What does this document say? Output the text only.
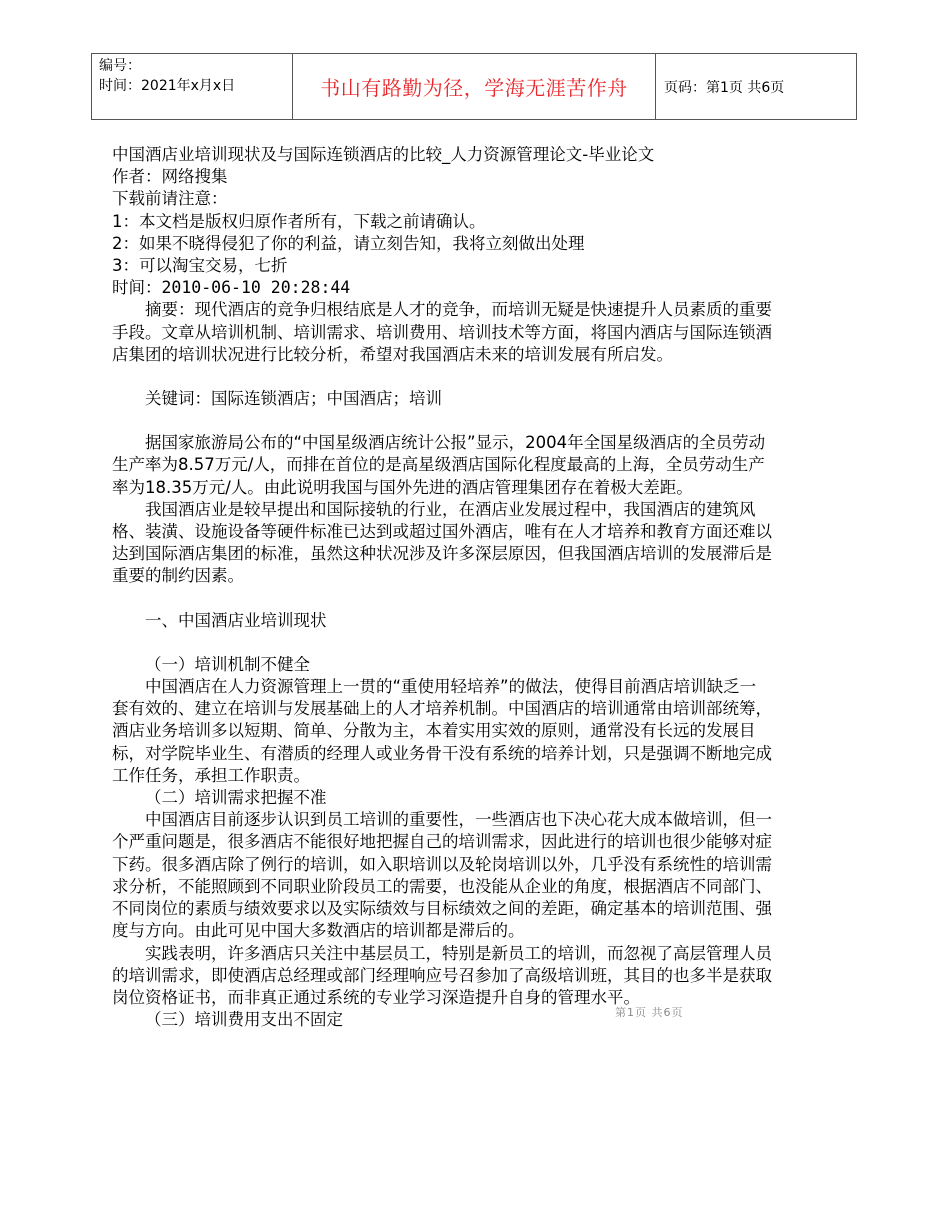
编号：
时间：2021年x月x日	书山有路勤为径，学海无涯苦作舟	页码：第1页 共6页

中国酒店业培训现状及与国际连锁酒店的比较_人力资源管理论文-毕业论文

作者：网络搜集

下载前请注意：

1：本文档是版权归原作者所有，下载之前请确认。

2：如果不晓得侵犯了你的利益，请立刻告知，我将立刻做出处理

3：可以淘宝交易，七折

时间：2010-06-10 20:28:44

摘要：现代酒店的竞争归根结底是人才的竞争，而培训无疑是快速提升人员素质的重要手段。文章从培训机制、培训需求、培训费用、培训技术等方面，将国内酒店与国际连锁酒店集团的培训状况进行比较分析，希望对我国酒店未来的培训发展有所启发。

关键词：国际连锁酒店；中国酒店；培训

据国家旅游局公布的“中国星级酒店统计公报”显示，2004年全国星级酒店的全员劳动生产率为8.57万元/人，而排在首位的是高星级酒店国际化程度最高的上海，全员劳动生产率为18.35万元/人。由此说明我国与国外先进的酒店管理集团存在着极大差距。

我国酒店业是较早提出和国际接轨的行业，在酒店业发展过程中，我国酒店的建筑风格、装潢、设施设备等硬件标准已达到或超过国外酒店，唯有在人才培养和教育方面还难以达到国际酒店集团的标准，虽然这种状况涉及许多深层原因，但我国酒店培训的发展滞后是重要的制约因素。

一、中国酒店业培训现状

（一）培训机制不健全

中国酒店在人力资源管理上一贯的“重使用轻培养”的做法，使得目前酒店培训缺乏一套有效的、建立在培训与发展基础上的人才培养机制。中国酒店的培训通常由培训部统筹，酒店业务培训多以短期、简单、分散为主，本着实用实效的原则，通常没有长远的发展目标，对学院毕业生、有潜质的经理人或业务骨干没有系统的培养计划，只是强调不断地完成工作任务，承担工作职责。

（二）培训需求把握不准

中国酒店目前逐步认识到员工培训的重要性，一些酒店也下决心花大成本做培训，但一个严重问题是，很多酒店不能很好地把握自己的培训需求，因此进行的培训也很少能够对症下药。很多酒店除了例行的培训，如入职培训以及轮岗培训以外，几乎没有系统性的培训需求分析，不能照顾到不同职业阶段员工的需要，也没能从企业的角度，根据酒店不同部门、不同岗位的素质与绩效要求以及实际绩效与目标绩效之间的差距，确定基本的培训范围、强度与方向。由此可见中国大多数酒店的培训都是滞后的。

实践表明，许多酒店只关注中基层员工，特别是新员工的培训，而忽视了高层管理人员的培训需求，即使酒店总经理或部门经理响应号召参加了高级培训班，其目的也多半是获取岗位资格证书，而非真正通过系统的专业学习深造提升自身的管理水平。

（三）培训费用支出不固定	第1页 共6页
